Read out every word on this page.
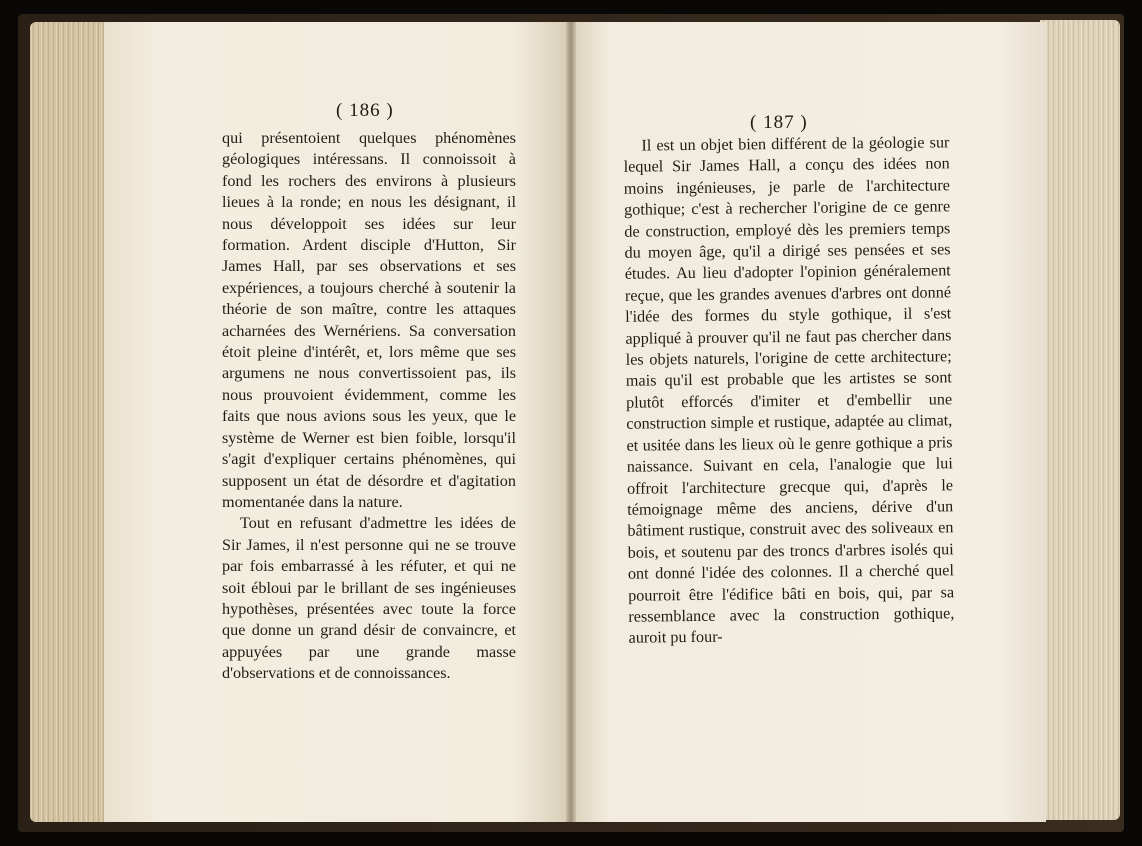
( 186 )

qui présentoient quelques phénomènes géologiques intéressans. Il connoissoit à fond les rochers des environs à plusieurs lieues à la ronde; en nous les désignant, il nous développoit ses idées sur leur formation. Ardent disciple d'Hutton, Sir James Hall, par ses observations et ses expériences, a toujours cherché à soutenir la théorie de son maître, contre les attaques acharnées des Wernériens. Sa conversation étoit pleine d'intérêt, et, lors même que ses argumens ne nous convertissoient pas, ils nous prouvoient évidemment, comme les faits que nous avions sous les yeux, que le système de Werner est bien foible, lorsqu'il s'agit d'expliquer certains phénomènes, qui supposent un état de désordre et d'agitation momentanée dans la nature.

Tout en refusant d'admettre les idées de Sir James, il n'est personne qui ne se trouve par fois embarrassé à les réfuter, et qui ne soit ébloui par le brillant de ses ingénieuses hypothèses, présentées avec toute la force que donne un grand désir de convaincre, et appuyées par une grande masse d'observations et de connoissances.

( 187 )

Il est un objet bien différent de la géologie sur lequel Sir James Hall, a conçu des idées non moins ingénieuses, je parle de l'architecture gothique; c'est à rechercher l'origine de ce genre de construction, employé dès les premiers temps du moyen âge, qu'il a dirigé ses pensées et ses études. Au lieu d'adopter l'opinion généralement reçue, que les grandes avenues d'arbres ont donné l'idée des formes du style gothique, il s'est appliqué à prouver qu'il ne faut pas chercher dans les objets naturels, l'origine de cette architecture; mais qu'il est probable que les artistes se sont plutôt efforcés d'imiter et d'embellir une construction simple et rustique, adaptée au climat, et usitée dans les lieux où le genre gothique a pris naissance. Suivant en cela, l'analogie que lui offroit l'architecture grecque qui, d'après le témoignage même des anciens, dérive d'un bâtiment rustique, construit avec des soliveaux en bois, et soutenu par des troncs d'arbres isolés qui ont donné l'idée des colonnes. Il a cherché quel pourroit être l'édifice bâti en bois, qui, par sa ressemblance avec la construction gothique, auroit pu four-
